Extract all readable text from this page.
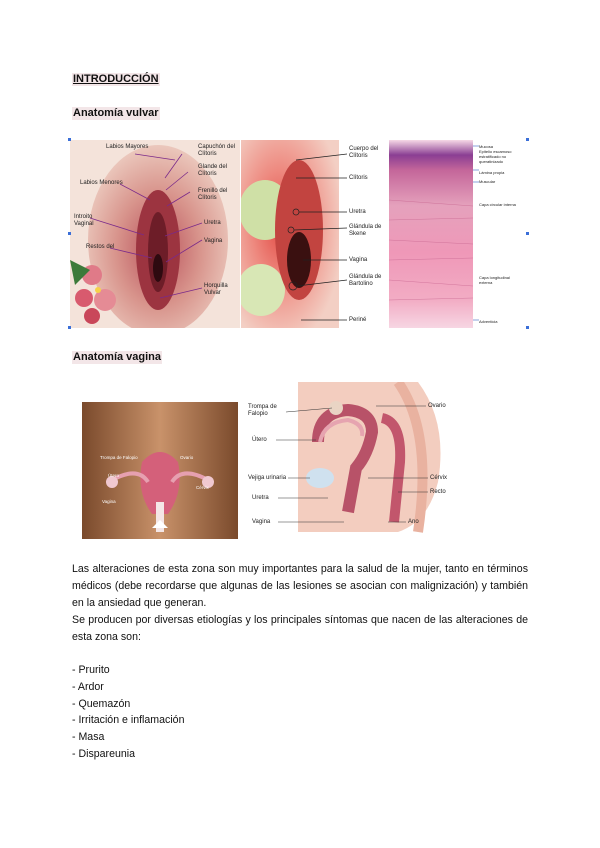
INTRODUCCIÓN
Anatomía vulvar
Labios Mayores	Capuchón del Clítoris
Glande del Clítoris
Labios Menores
Frenillo del Clítoris
Introito Vaginal	Uretra
Restos del
Vagina
Horquilla Vulvar
Cuerpo del Clítoris
Clítoris
Uretra
Glándula de Skene
Vagina
Glándula de Bartolino
Periné
Mucosa
Epitelio escamoso estratificado no queratinizado
Lámina propia
Muscular
Capa circular interna
Capa longitudinal externa
Adventicia
Anatomía vagina
Trompa de Falopio	Ovario
Útero
Cérvix
Vagina
Trompa de Falopio
Ovario
Útero
Vejiga urinaria	Cérvix
Recto
Uretra
Vagina	Ano

Las alteraciones de esta zona son muy importantes para la salud de la mujer, tanto en términos médicos (debe recordarse que algunas de las lesiones se asocian con malignización) y también en la ansiedad que generan.

Se producen por diversas etiologías y los principales síntomas que nacen de las alteraciones de esta zona son:

- Prurito
- Ardor
- Quemazón
- Irritación e inflamación
- Masa
- Dispareunia
